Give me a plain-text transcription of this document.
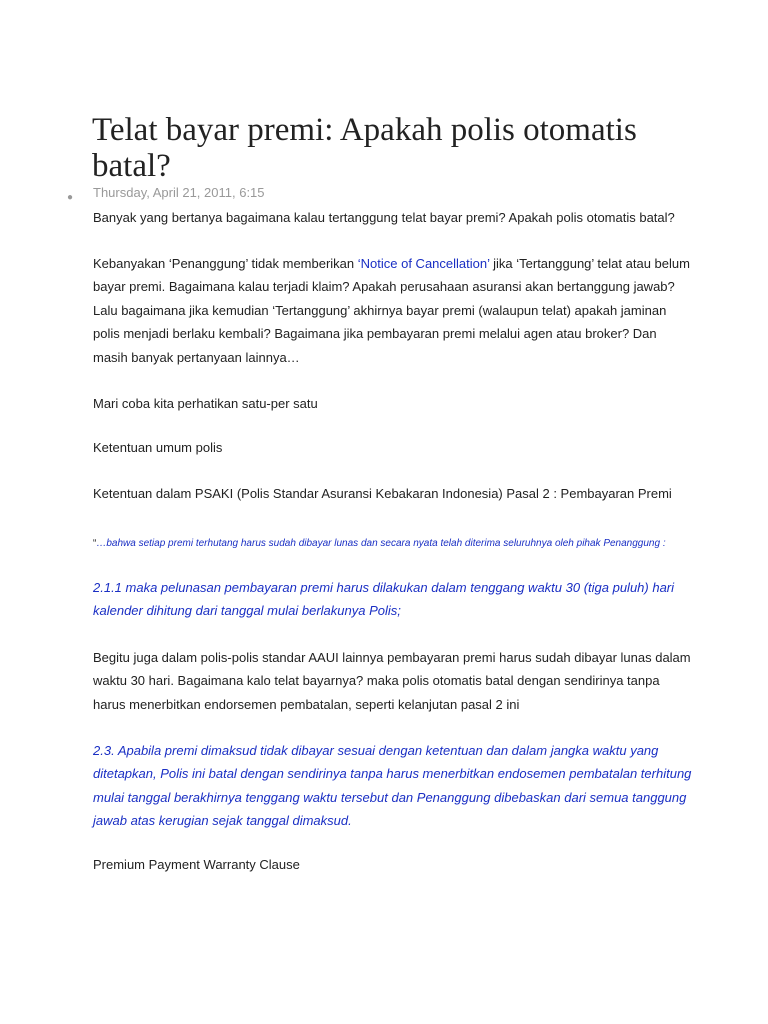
Telat bayar premi: Apakah polis otomatis batal?
● Thursday, April 21, 2011, 6:15

Banyak yang bertanya bagaimana kalau tertanggung telat bayar premi? Apakah polis otomatis batal?

Kebanyakan ‘Penanggung’ tidak memberikan ‘Notice of Cancellation’ jika ‘Tertanggung’ telat atau belum bayar premi. Bagaimana kalau terjadi klaim? Apakah perusahaan asuransi akan bertanggung jawab? Lalu bagaimana jika kemudian ‘Tertanggung’ akhirnya bayar premi (walaupun telat) apakah jaminan polis menjadi berlaku kembali? Bagaimana jika pembayaran premi melalui agen atau broker? Dan masih banyak pertanyaan lainnya…

Mari coba kita perhatikan satu-per satu

Ketentuan umum polis

Ketentuan dalam PSAKI (Polis Standar Asuransi Kebakaran Indonesia) Pasal 2 : Pembayaran Premi

“…bahwa setiap premi terhutang harus sudah dibayar lunas dan secara nyata telah diterima seluruhnya oleh pihak Penanggung :

2.1.1 maka pelunasan pembayaran premi harus dilakukan dalam tenggang waktu 30 (tiga puluh) hari kalender dihitung dari tanggal mulai berlakunya Polis;

Begitu juga dalam polis-polis standar AAUI lainnya pembayaran premi harus sudah dibayar lunas dalam waktu 30 hari. Bagaimana kalo telat bayarnya? maka polis otomatis batal dengan sendirinya tanpa harus menerbitkan endorsemen pembatalan, seperti kelanjutan pasal 2 ini

2.3. Apabila premi dimaksud tidak dibayar sesuai dengan ketentuan dan dalam jangka waktu yang ditetapkan, Polis ini batal dengan sendirinya tanpa harus menerbitkan endosemen pembatalan terhitung mulai tanggal berakhirnya tenggang waktu tersebut dan Penanggung dibebaskan dari semua tanggung jawab atas kerugian sejak tanggal dimaksud.

Premium Payment Warranty Clause
